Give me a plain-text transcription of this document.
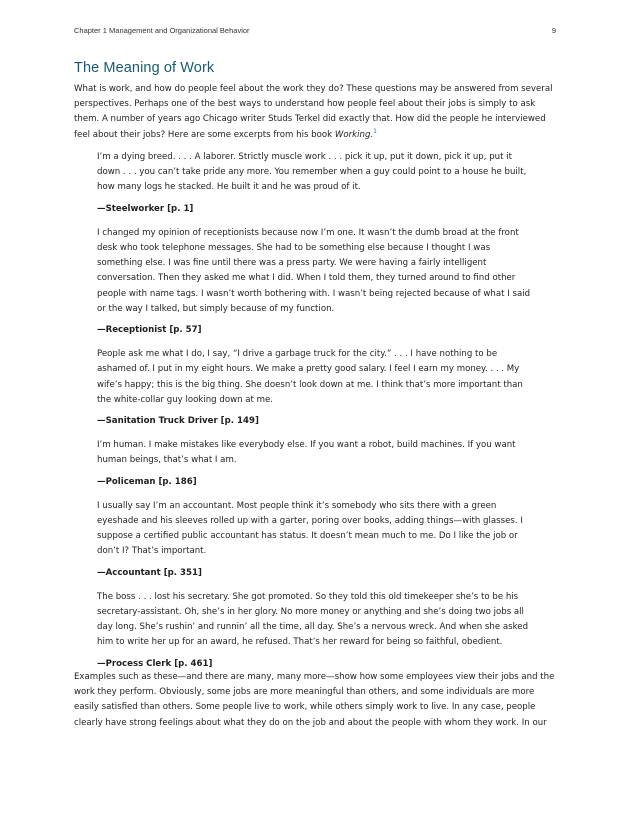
Chapter 1 Management and Organizational Behavior	9
The Meaning of Work

What is work, and how do people feel about the work they do? These questions may be answered from several perspectives. Perhaps one of the best ways to understand how people feel about their jobs is simply to ask them. A number of years ago Chicago writer Studs Terkel did exactly that. How did the people he interviewed feel about their jobs? Here are some excerpts from his book Working.$^1$

I’m a dying breed. . . . A laborer. Strictly muscle work . . . pick it up, put it down, pick it up, put it down . . . you can’t take pride any more. You remember when a guy could point to a house he built, how many logs he stacked. He built it and he was proud of it.

—Steelworker [p. 1]

I changed my opinion of receptionists because now I’m one. It wasn’t the dumb broad at the front desk who took telephone messages. She had to be something else because I thought I was something else. I was fine until there was a press party. We were having a fairly intelligent conversation. Then they asked me what I did. When I told them, they turned around to find other people with name tags. I wasn’t worth bothering with. I wasn’t being rejected because of what I said or the way I talked, but simply because of my function.

—Receptionist [p. 57]

People ask me what I do, I say, “I drive a garbage truck for the city.” . . . I have nothing to be ashamed of. I put in my eight hours. We make a pretty good salary. I feel I earn my money. . . . My wife’s happy; this is the big thing. She doesn’t look down at me. I think that’s more important than the white-collar guy looking down at me.

—Sanitation Truck Driver [p. 149]

I’m human. I make mistakes like everybody else. If you want a robot, build machines. If you want human beings, that’s what I am.

—Policeman [p. 186]

I usually say I’m an accountant. Most people think it’s somebody who sits there with a green eyeshade and his sleeves rolled up with a garter, poring over books, adding things—with glasses. I suppose a certified public accountant has status. It doesn’t mean much to me. Do I like the job or don’t I? That’s important.

—Accountant [p. 351]

The boss . . . lost his secretary. She got promoted. So they told this old timekeeper she’s to be his secretary-assistant. Oh, she’s in her glory. No more money or anything and she’s doing two jobs all day long. She’s rushin’ and runnin’ all the time, all day. She’s a nervous wreck. And when she asked him to write her up for an award, he refused. That’s her reward for being so faithful, obedient.

—Process Clerk [p. 461]

Examples such as these—and there are many, many more—show how some employees view their jobs and the work they perform. Obviously, some jobs are more meaningful than others, and some individuals are more easily satisfied than others. Some people live to work, while others simply work to live. In any case, people clearly have strong feelings about what they do on the job and about the people with whom they work. In our
